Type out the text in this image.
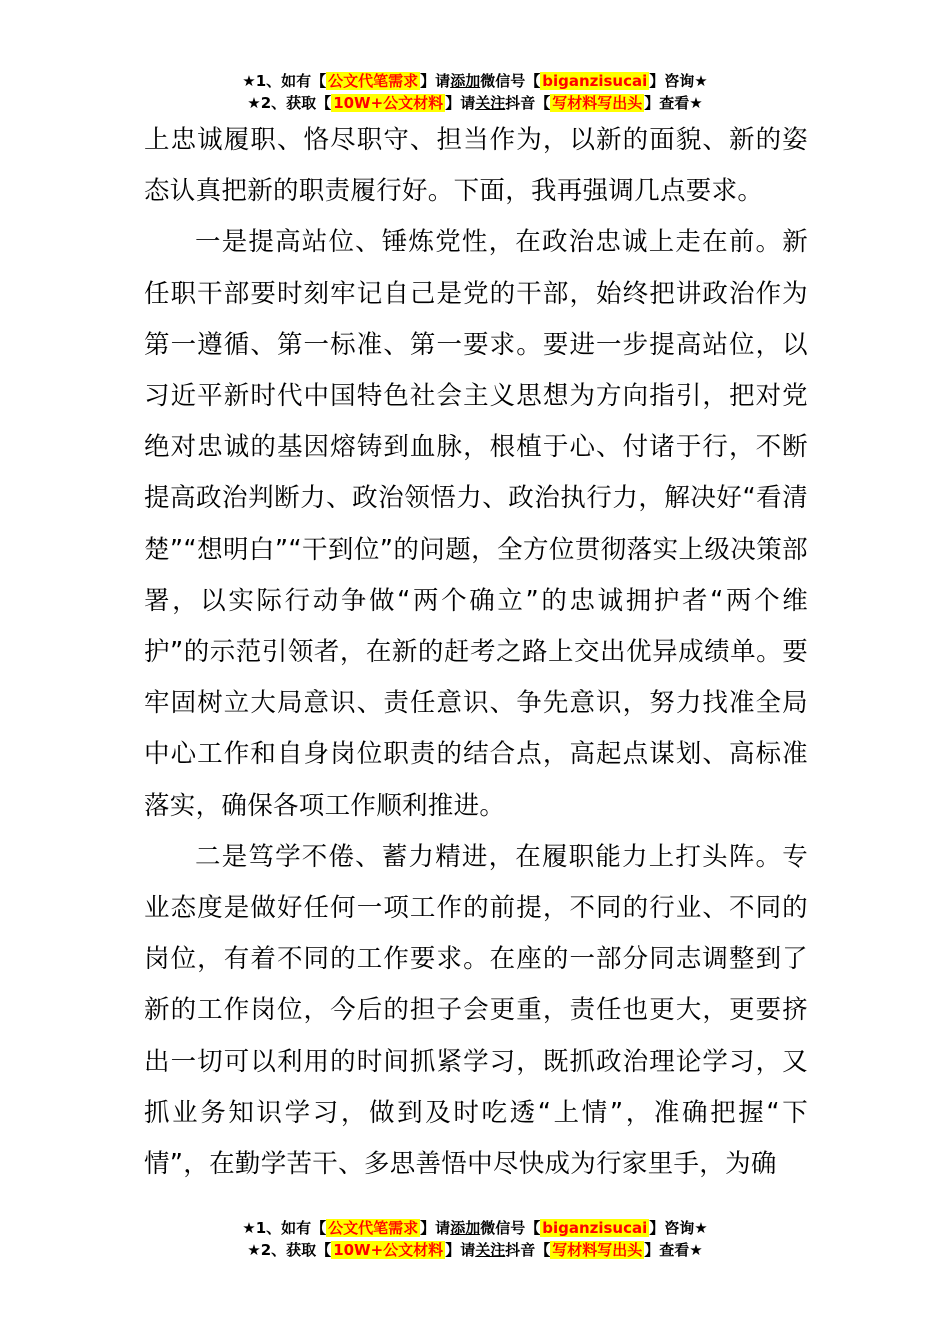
★1、如有【 公文代笔需求 】请添加微信号【 biganzisucai 】咨询★
★2、获取【 10W+公文材料 】请关注抖音【 写材料写出头 】查看★

上忠诚履职、恪尽职守、担当作为，以新的面貌、新的姿态认真把新的职责履行好。下面，我再强调几点要求。

一是提高站位、锤炼党性，在政治忠诚上走在前。新任职干部要时刻牢记自己是党的干部，始终把讲政治作为第一遵循、第一标准、第一要求。要进一步提高站位，以习近平新时代中国特色社会主义思想为方向指引，把对党绝对忠诚的基因熔铸到血脉，根植于心、付诸于行，不断提高政治判断力、政治领悟力、政治执行力，解决好“看清楚”“想明白”“干到位”的问题，全方位贯彻落实上级决策部署，以实际行动争做“两个确立”的忠诚拥护者“两个维护”的示范引领者，在新的赶考之路上交出优异成绩单。要牢固树立大局意识、责任意识、争先意识，努力找准全局中心工作和自身岗位职责的结合点，高起点谋划、高标准落实，确保各项工作顺利推进。

二是笃学不倦、蓄力精进，在履职能力上打头阵。专业态度是做好任何一项工作的前提，不同的行业、不同的岗位，有着不同的工作要求。在座的一部分同志调整到了新的工作岗位，今后的担子会更重，责任也更大，更要挤出一切可以利用的时间抓紧学习，既抓政治理论学习，又抓业务知识学习，做到及时吃透“上情”，准确把握“下情”，在勤学苦干、多思善悟中尽快成为行家里手，为确

★1、如有【 公文代笔需求 】请添加微信号【 biganzisucai 】咨询★
★2、获取【 10W+公文材料 】请关注抖音【 写材料写出头 】查看★
